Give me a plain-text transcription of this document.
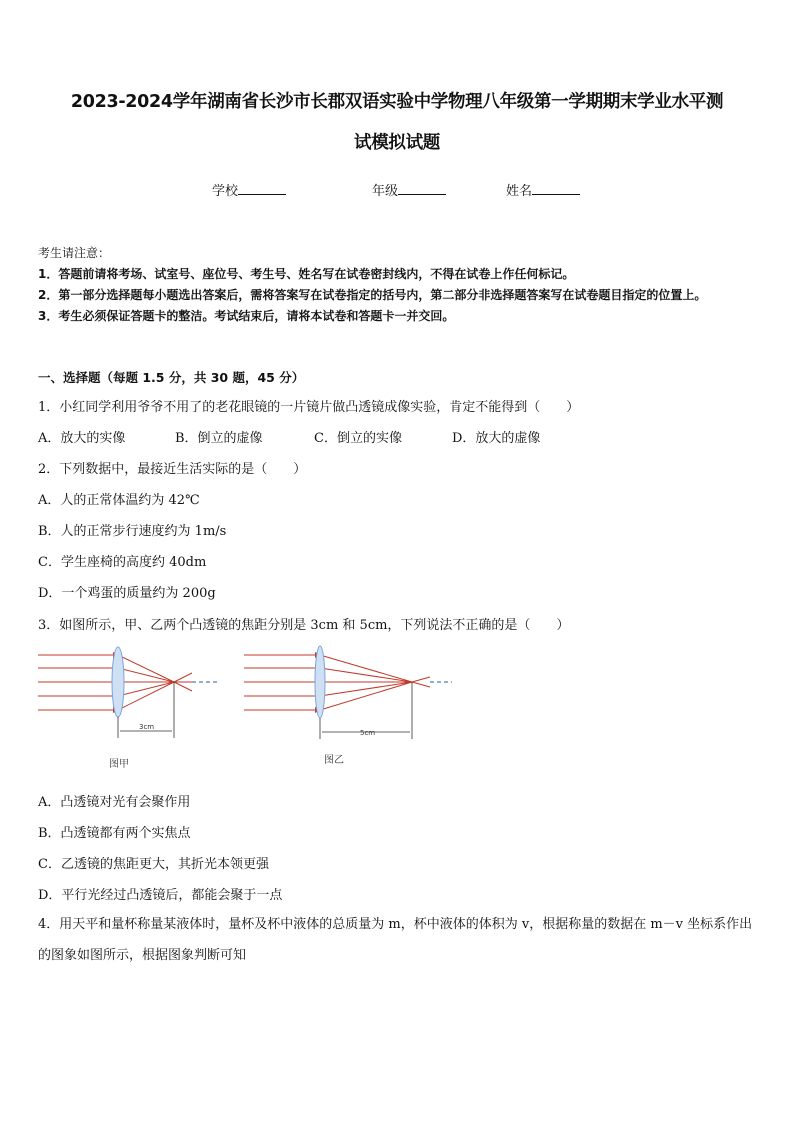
2023-2024学年湖南省长沙市长郡双语实验中学物理八年级第一学期期末学业水平测
试模拟试题
学校	年级	姓名
考生请注意：
1．答题前请将考场、试室号、座位号、考生号、姓名写在试卷密封线内，不得在试卷上作任何标记。
2．第一部分选择题每小题选出答案后，需将答案写在试卷指定的括号内，第二部分非选择题答案写在试卷题目指定的位置上。
3．考生必须保证答题卡的整洁。考试结束后，请将本试卷和答题卡一并交回。
一、选择题（每题 1.5 分，共 30 题，45 分）
1．小红同学利用爷爷不用了的老花眼镜的一片镜片做凸透镜成像实验，肯定不能得到（　　）
A．放大的实像	B．倒立的虚像	C．倒立的实像	D．放大的虚像
2．下列数据中，最接近生活实际的是（　　）
A．人的正常体温约为 42℃
B．人的正常步行速度约为 1m/s
C．学生座椅的高度约 40dm
D．一个鸡蛋的质量约为 200g
3．如图所示，甲、乙两个凸透镜的焦距分别是 3cm 和 5cm，下列说法不正确的是（　　）
3cm
5cm
图甲	图乙
A．凸透镜对光有会聚作用
B．凸透镜都有两个实焦点
C．乙透镜的焦距更大，其折光本领更强
D．平行光经过凸透镜后，都能会聚于一点
4．用天平和量杯称量某液体时，量杯及杯中液体的总质量为 m，杯中液体的体积为 v，根据称量的数据在 m－v 坐标系作出的图象如图所示，根据图象判断可知
